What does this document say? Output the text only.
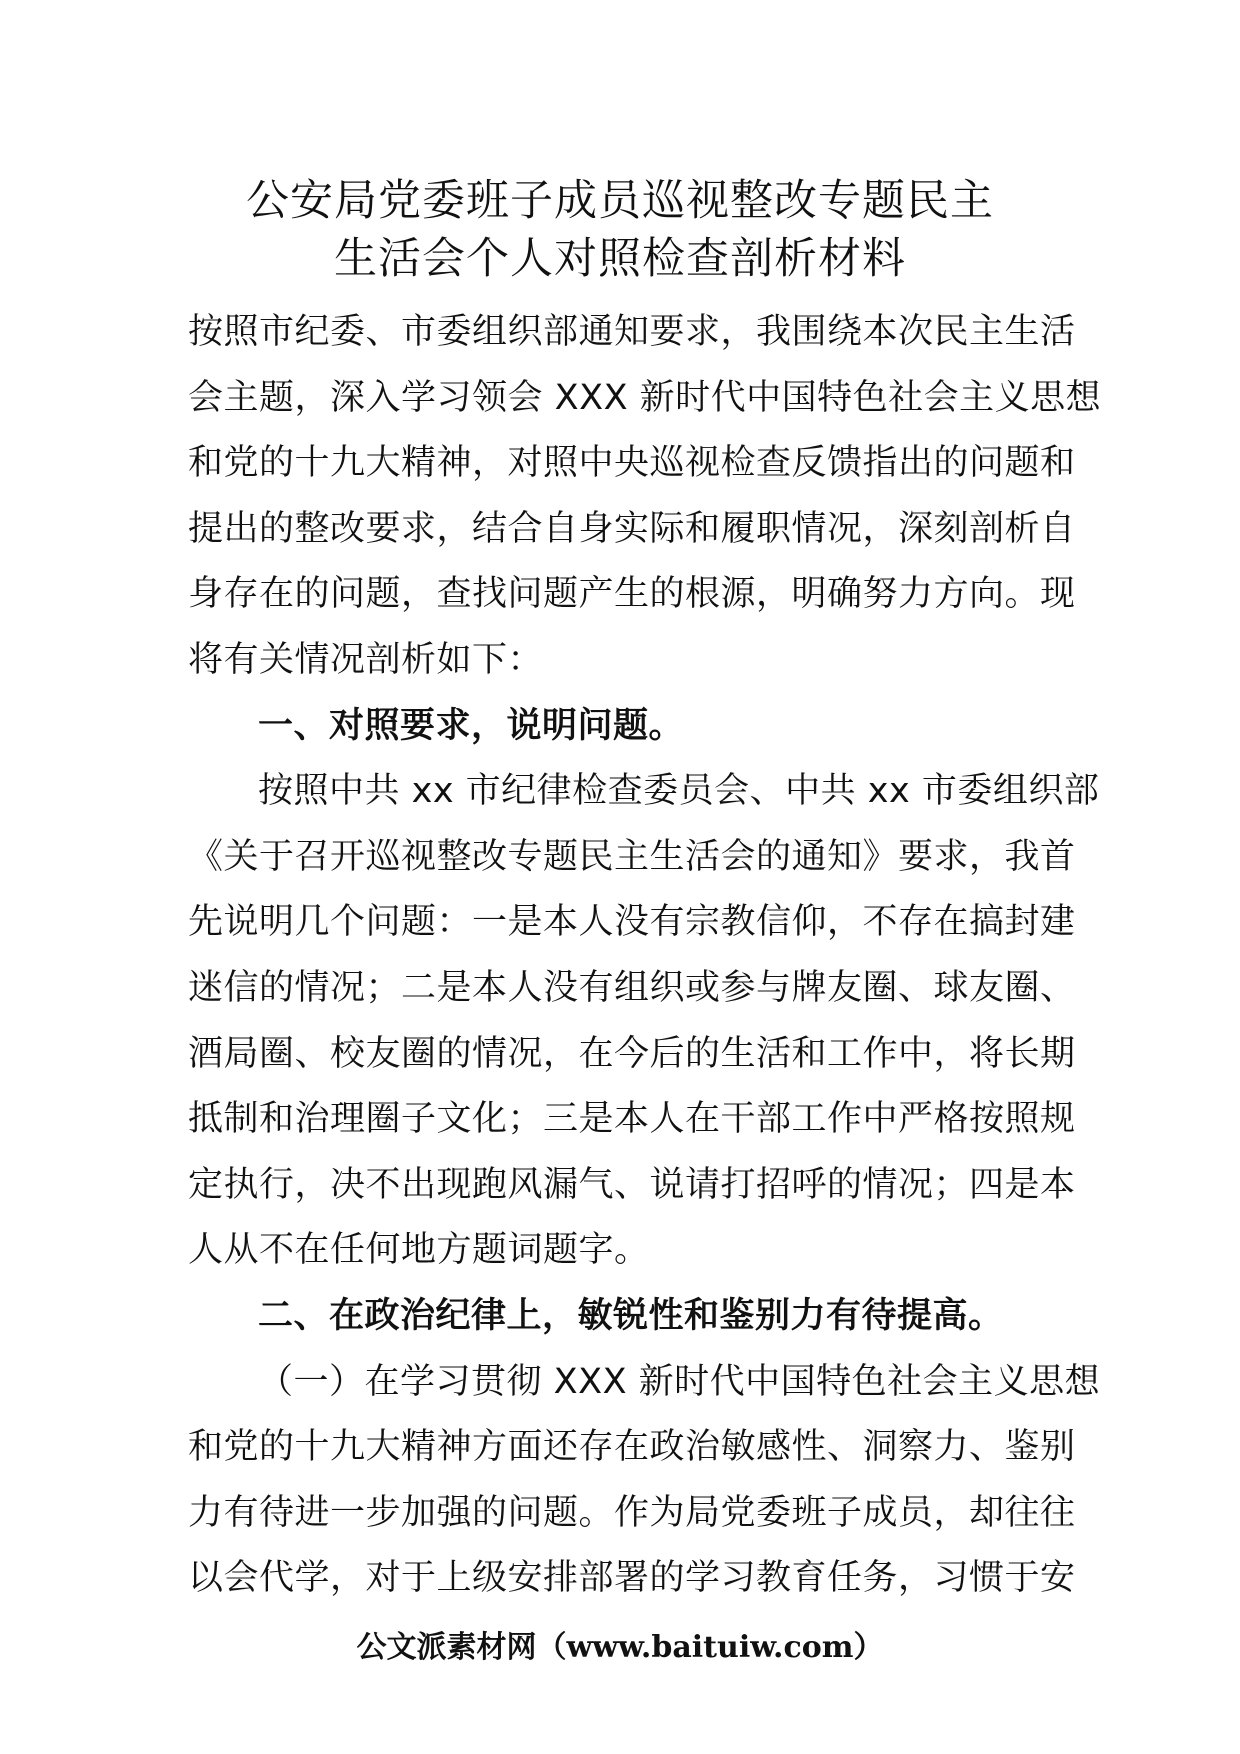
公安局党委班子成员巡视整改专题民主
生活会个人对照检查剖析材料
按照市纪委、市委组织部通知要求，我围绕本次民主生活
会主题，深入学习领会 XXX 新时代中国特色社会主义思想
和党的十九大精神，对照中央巡视检查反馈指出的问题和
提出的整改要求，结合自身实际和履职情况，深刻剖析自
身存在的问题，查找问题产生的根源，明确努力方向。现
将有关情况剖析如下：
一、对照要求，说明问题。
按照中共 xx 市纪律检查委员会、中共 xx 市委组织部
《关于召开巡视整改专题民主生活会的通知》要求，我首
先说明几个问题：一是本人没有宗教信仰，不存在搞封建
迷信的情况；二是本人没有组织或参与牌友圈、球友圈、
酒局圈、校友圈的情况，在今后的生活和工作中，将长期
抵制和治理圈子文化；三是本人在干部工作中严格按照规
定执行，决不出现跑风漏气、说请打招呼的情况；四是本
人从不在任何地方题词题字。
二、在政治纪律上，敏锐性和鉴别力有待提高。
（一）在学习贯彻 XXX 新时代中国特色社会主义思想
和党的十九大精神方面还存在政治敏感性、洞察力、鉴别
力有待进一步加强的问题。作为局党委班子成员，却往往
以会代学，对于上级安排部署的学习教育任务，习惯于安
公文派素材网（www.baituiw.com）
